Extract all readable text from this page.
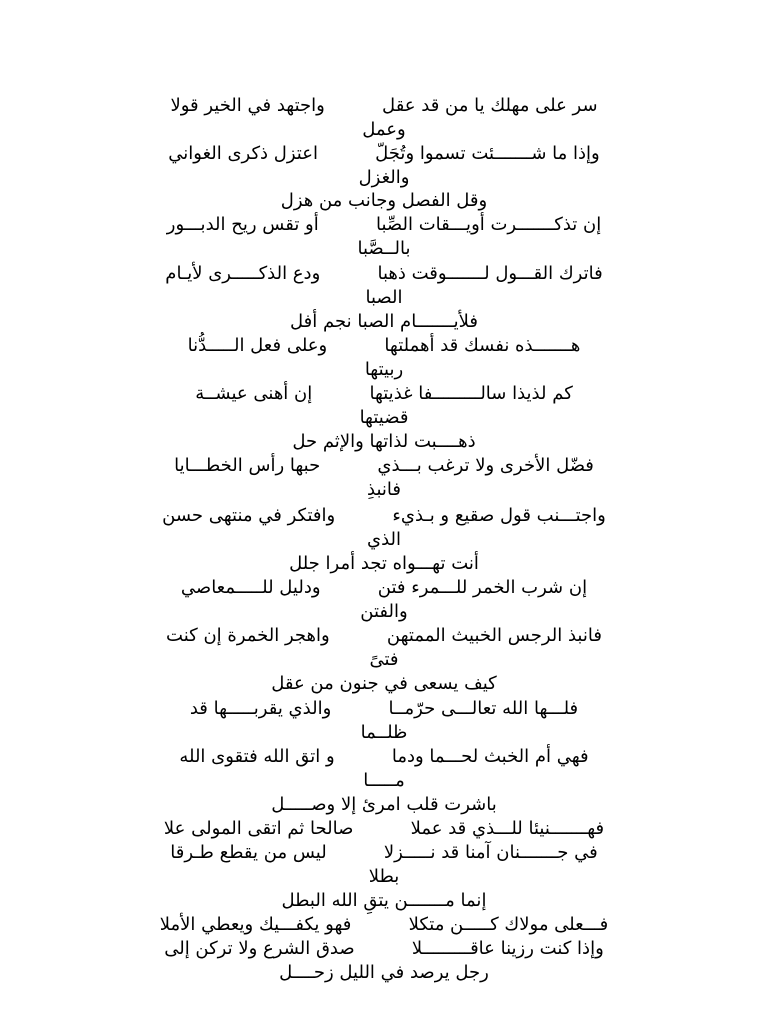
سر على مهلك يا من قد عقل          واجتهد في الخير قولا
وعمل
وإذا ما شـــــــئت تسموا وتُجَلّ          اعتزل ذكرى الغواني
والغزل
وقل الفصل وجانب من هزل
إن تذكـــــــرت أويـــقات الصِّبا          أو تقس ريح الدبـــور
بالــصَّبا
فاترك القـــول لـــــــوقت ذهبا          ودع الذكـــــرى لأيـام
الصبا
فلأيـــــــام الصبا نجم أفل
هـــــــذه نفسك قد أهملتها          وعلى فعل الـــــدُّنا
ربيتها
كم لذيذا سالـــــــــفا غذيتها          إن أهنى عيشــة
قضيتها
ذهــــبت لذاتها والإثم حل
فضّل الأخرى ولا ترغب بـــذي          حبها رأس الخطـــايا
فانبذِ
واجتـــنب قول صقيع و بـذيء          وافتكر في منتهى حسن
الذي
أنت تهـــواه تجد أمرا جلل
إن شرب الخمر للـــمرء فتن          ودليل للـــــمعاصي
والفتن
فانبذ الرجس الخبيث الممتهن          واهجر الخمرة إن كنت
فتىً
كيف يسعى في جنون من عقل
فلـــها الله تعالـــى حرّمــا          والذي يقربـــــها قد
ظلــما
فهي أم الخبث لحـــما ودما          و اتق الله فتقوى الله
مـــــا
باشرت قلب امرئ إلا وصـــــل
فهـــــــنيئا للـــذي قد عملا          صالحا ثم اتقى المولى علا
في جـــــــنان آمنا قد نـــــزلا          ليس من يقطع طـرقا
بطلا
إنما مـــــــن يتقِ الله البطل
فـــعلى مولاك كـــــن متكلا          فهو يكفـــيك ويعطي الأملا
وإذا كنت رزينا عاقـــــــــلا          صدق الشرع ولا تركن إلى
رجل يرصد في الليل زحــــل
